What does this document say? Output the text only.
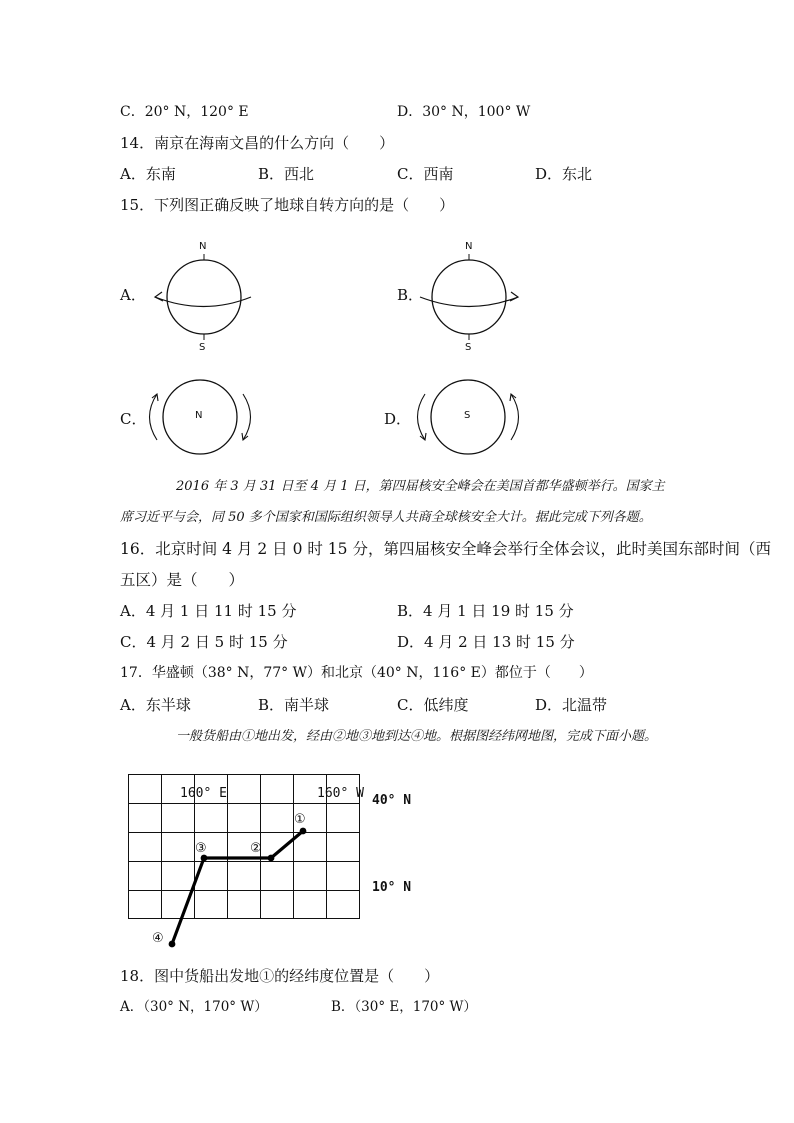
C．20° N，120° E	D．30° N，100° W
14．南京在海南文昌的什么方向（　　）
A．东南	B．西北	C．西南	D．东北
15．下列图正确反映了地球自转方向的是（　　）
A．
N
S
B．
N
S
C．	N	D．	S
2016 年 3 月 31 日至 4 月 1 日，第四届核安全峰会在美国首都华盛顿举行。国家主
席习近平与会，同 50 多个国家和国际组织领导人共商全球核安全大计。据此完成下列各题。
16．北京时间 4 月 2 日 0 时 15 分，第四届核安全峰会举行全体会议，此时美国东部时间（西
五区）是（　　）
A．4 月 1 日 11 时 15 分	B．4 月 1 日 19 时 15 分
C．4 月 2 日 5 时 15 分	D．4 月 2 日 13 时 15 分
17．华盛顿（38° N，77° W）和北京（40° N，116° E）都位于（　　）
A．东半球	B．南半球	C．低纬度	D．北温带
一般货船由①地出发，经由②地③地到达④地。根据图经纬网地图，完成下面小题。
160° E	160° W 40° N
10° N
①
②
③
④
18．图中货船出发地①的经纬度位置是（　　）
A．（30° N，170° W）	B．（30° E，170° W）
